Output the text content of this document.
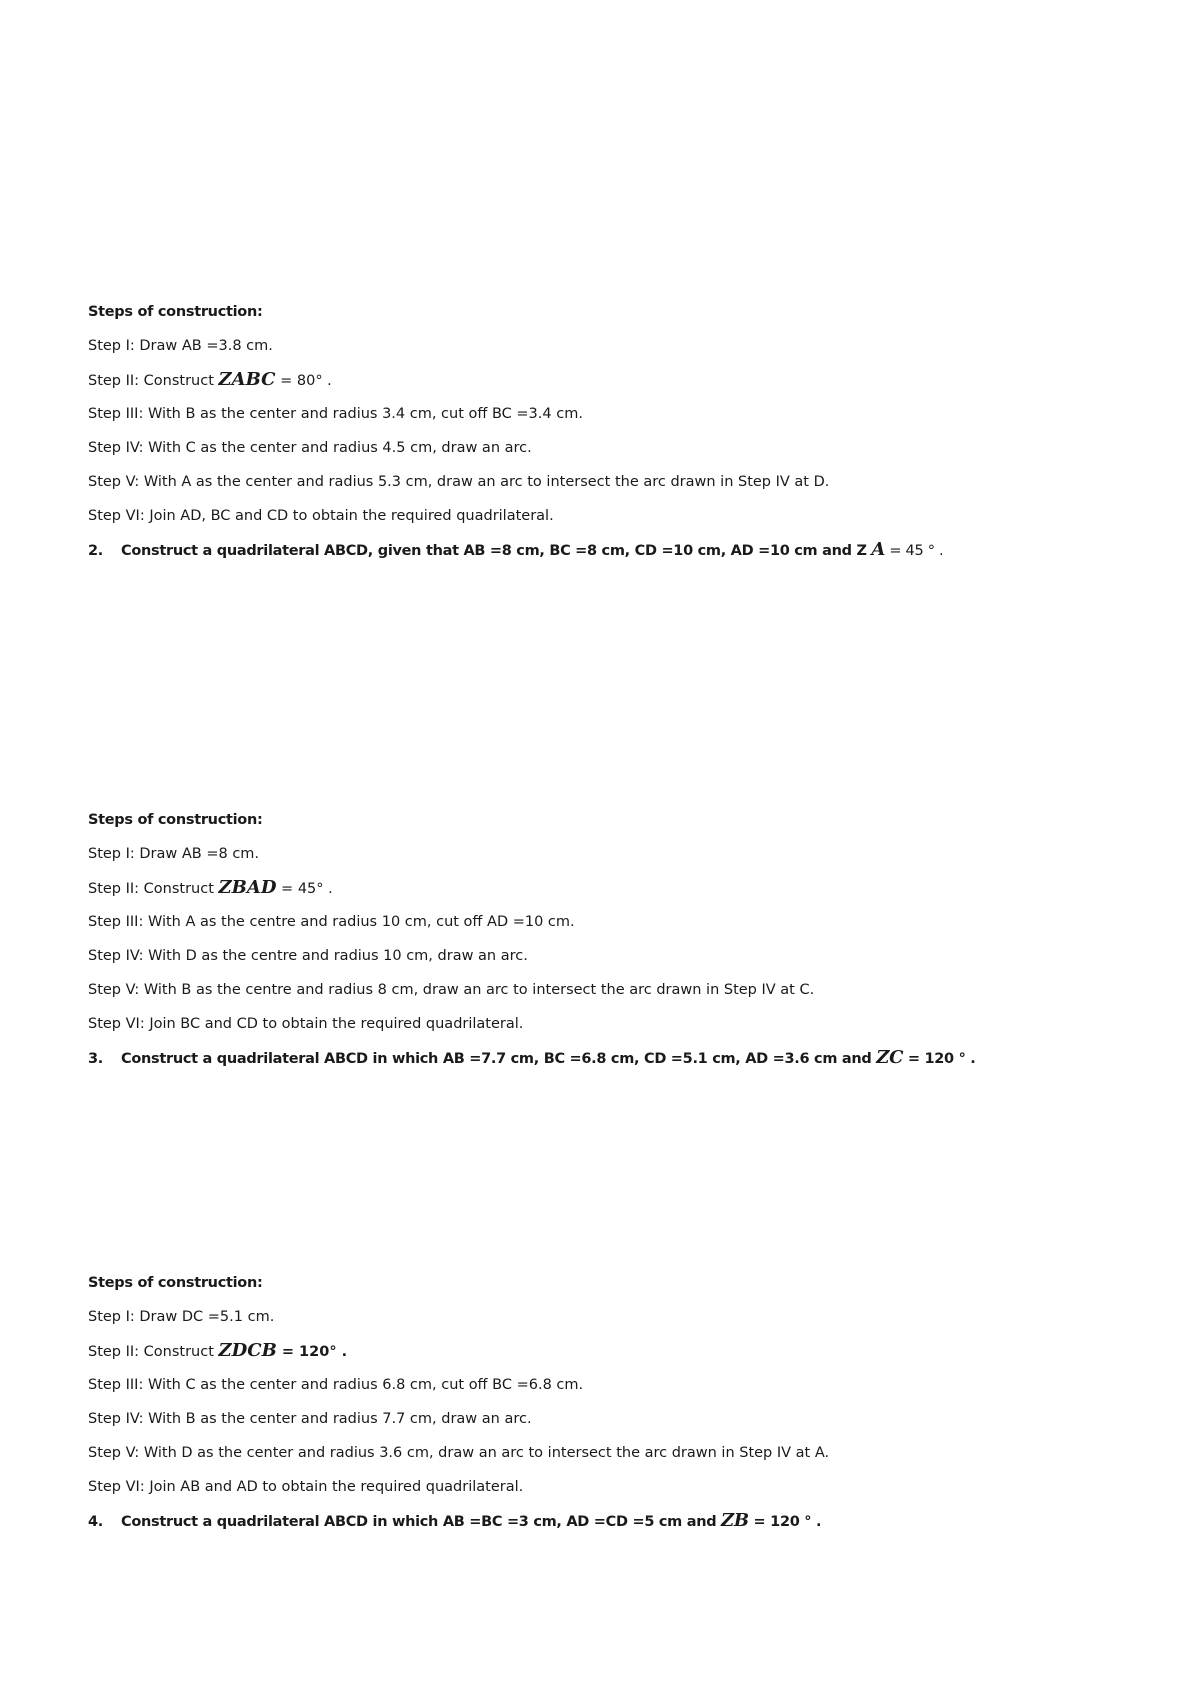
Steps of construction:
Step I: Draw AB =3.8 cm.
Step II: Construct ZABC = 80° .
Step III: With B as the center and radius 3.4 cm, cut off BC =3.4 cm.
Step IV: With C as the center and radius 4.5 cm, draw an arc.
Step V: With A as the center and radius 5.3 cm, draw an arc to intersect the arc drawn in Step IV at D.
Step VI: Join AD, BC and CD to obtain the required quadrilateral.
2. Construct a quadrilateral ABCD, given that AB =8 cm, BC =8 cm, CD =10 cm, AD =10 cm and Z A = 45 ° .
Steps of construction:
Step I: Draw AB =8 cm.
Step II: Construct ZBAD = 45° .
Step III: With A as the centre and radius 10 cm, cut off AD =10 cm.
Step IV: With D as the centre and radius 10 cm, draw an arc.
Step V: With B as the centre and radius 8 cm, draw an arc to intersect the arc drawn in Step IV at C.
Step VI: Join BC and CD to obtain the required quadrilateral.
3. Construct a quadrilateral ABCD in which AB =7.7 cm, BC =6.8 cm, CD =5.1 cm, AD =3.6 cm and ZC = 120 ° .
Steps of construction:
Step I: Draw DC =5.1 cm.
Step II: Construct ZDCB = 120° .
Step III: With C as the center and radius 6.8 cm, cut off BC =6.8 cm.
Step IV: With B as the center and radius 7.7 cm, draw an arc.
Step V: With D as the center and radius 3.6 cm, draw an arc to intersect the arc drawn in Step IV at A.
Step VI: Join AB and AD to obtain the required quadrilateral.
4. Construct a quadrilateral ABCD in which AB =BC =3 cm, AD =CD =5 cm and ZB = 120 ° .
